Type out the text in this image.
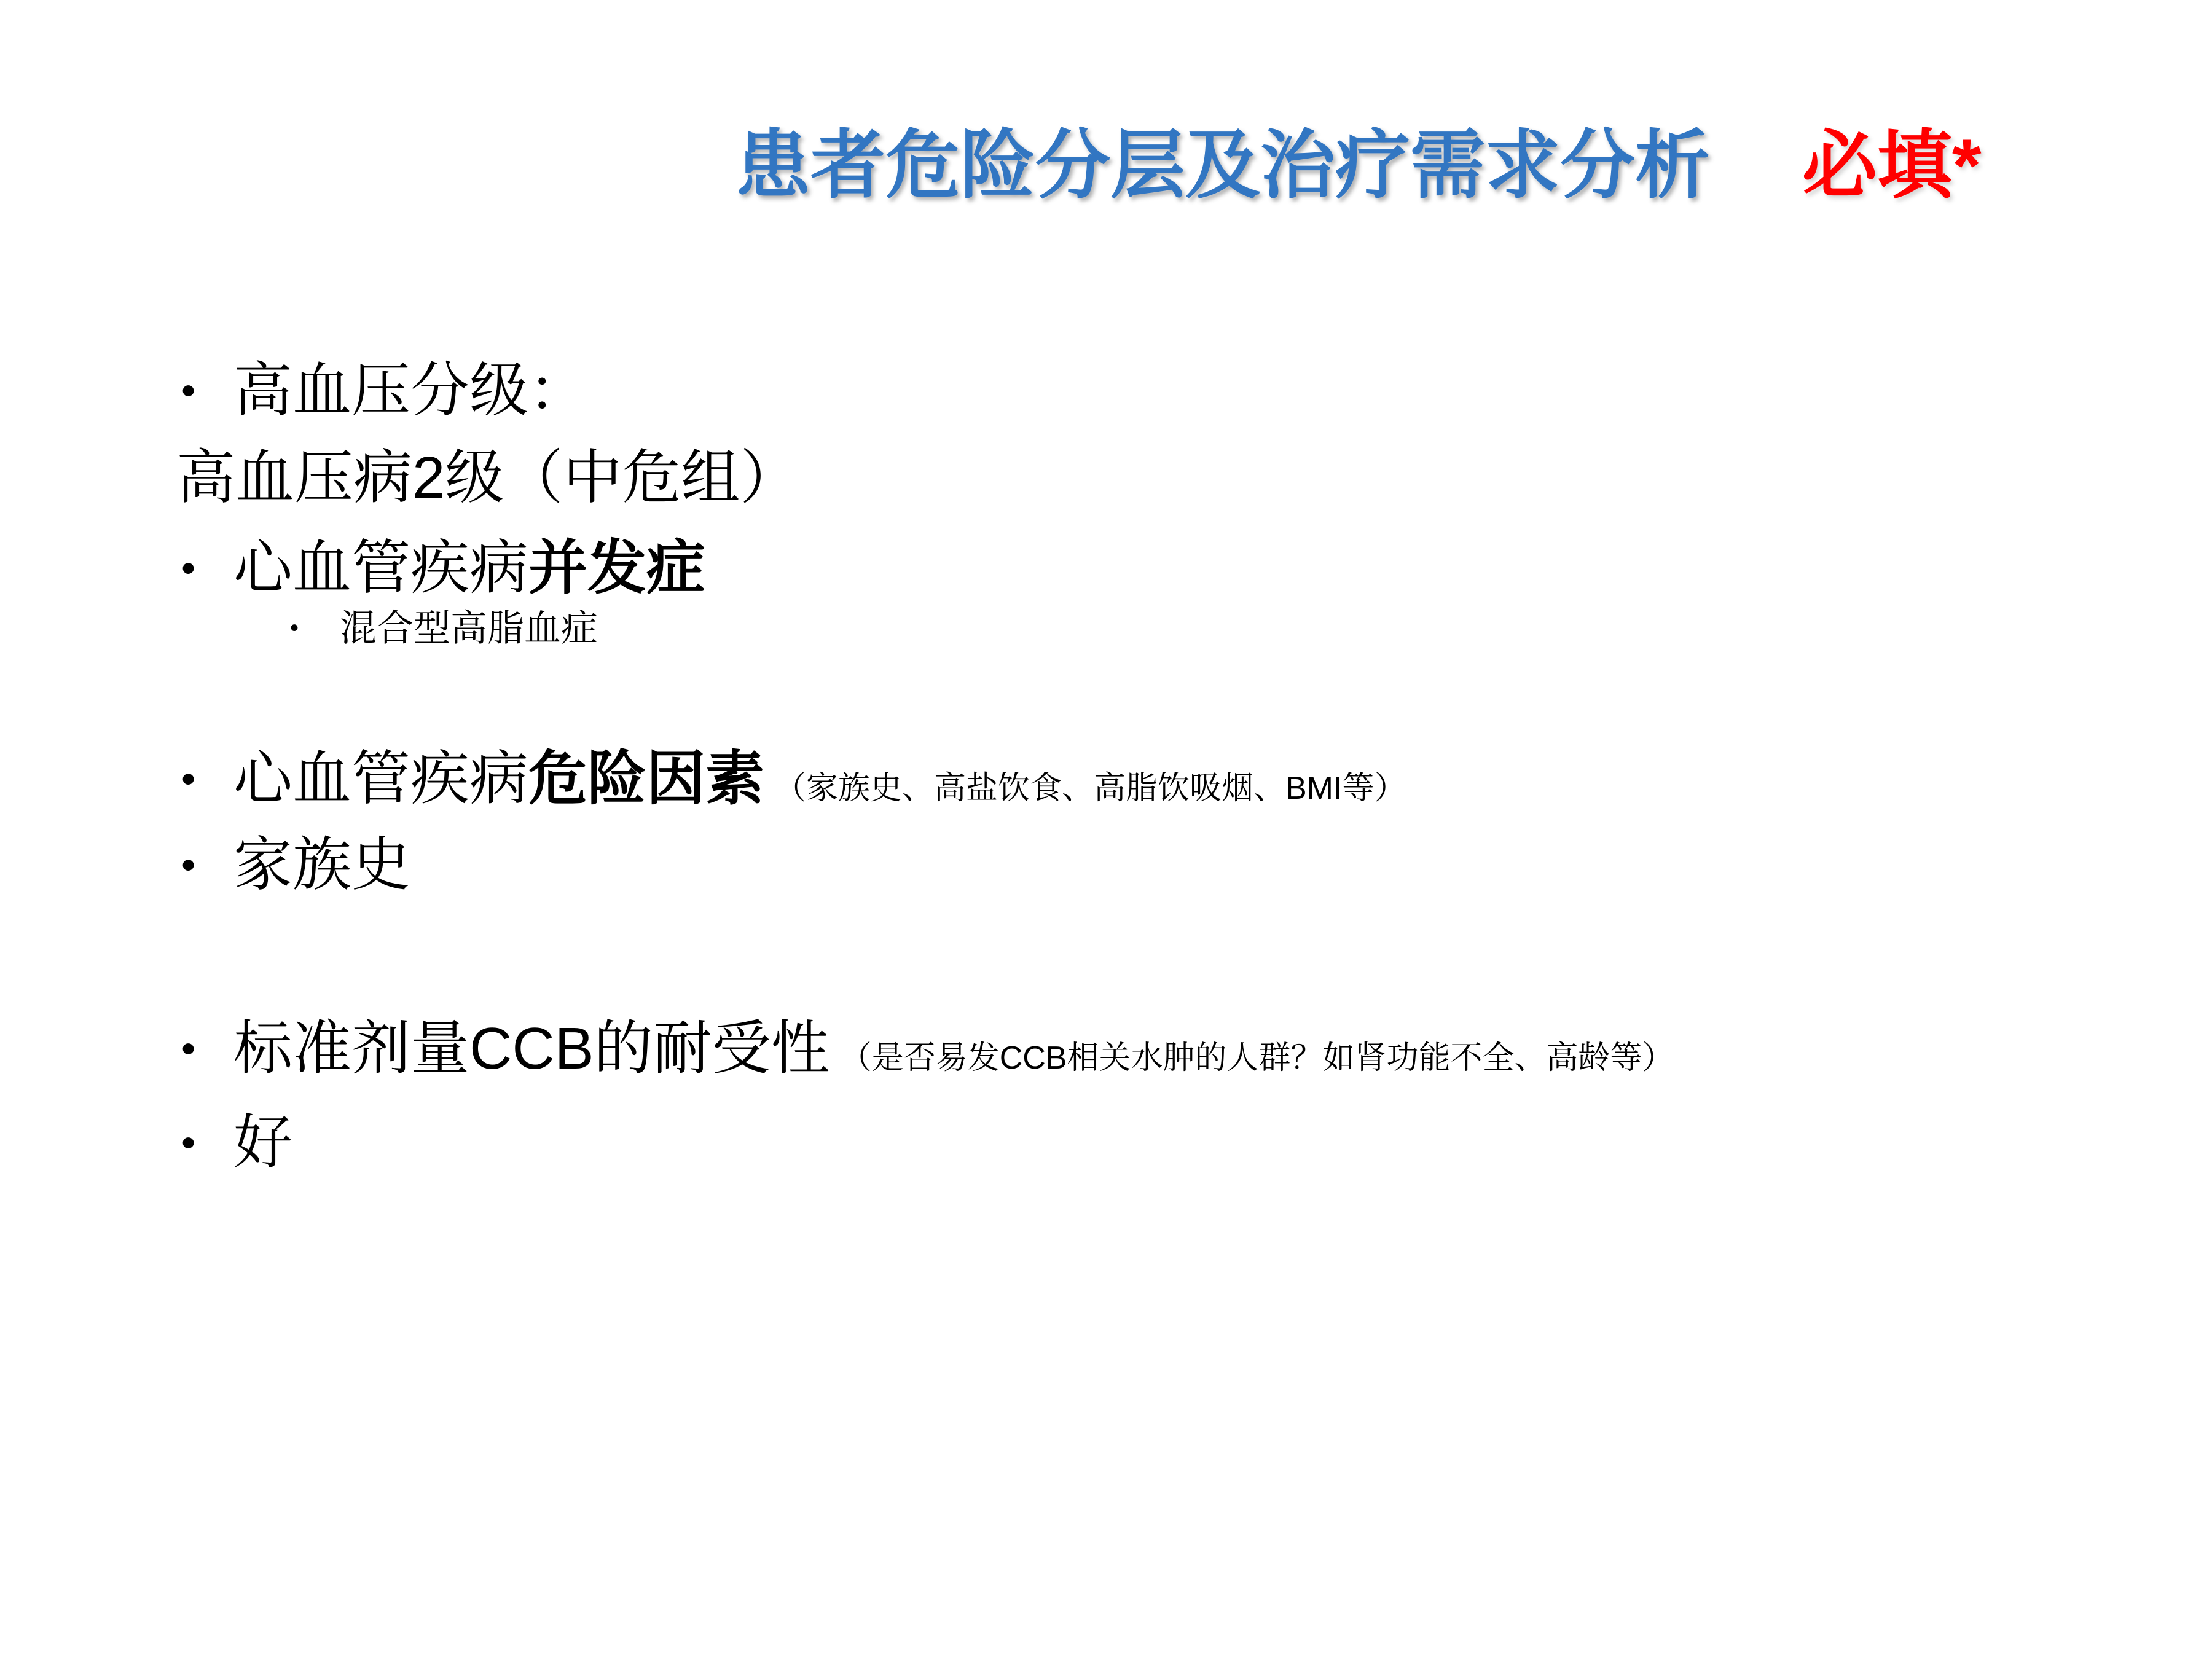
患者危险分层及治疗需求分析 必填*
• 高血压分级：
高血压病2级（中危组）
• 心血管疾病并发症
• 混合型高脂血症
• 心血管疾病危险因素 （家族史、高盐饮食、高脂饮吸烟、BMI等）
• 家族史
• 标准剂量CCB的耐受性 （是否易发CCB相关水肿的人群？如肾功能不全、高龄等）
• 好
